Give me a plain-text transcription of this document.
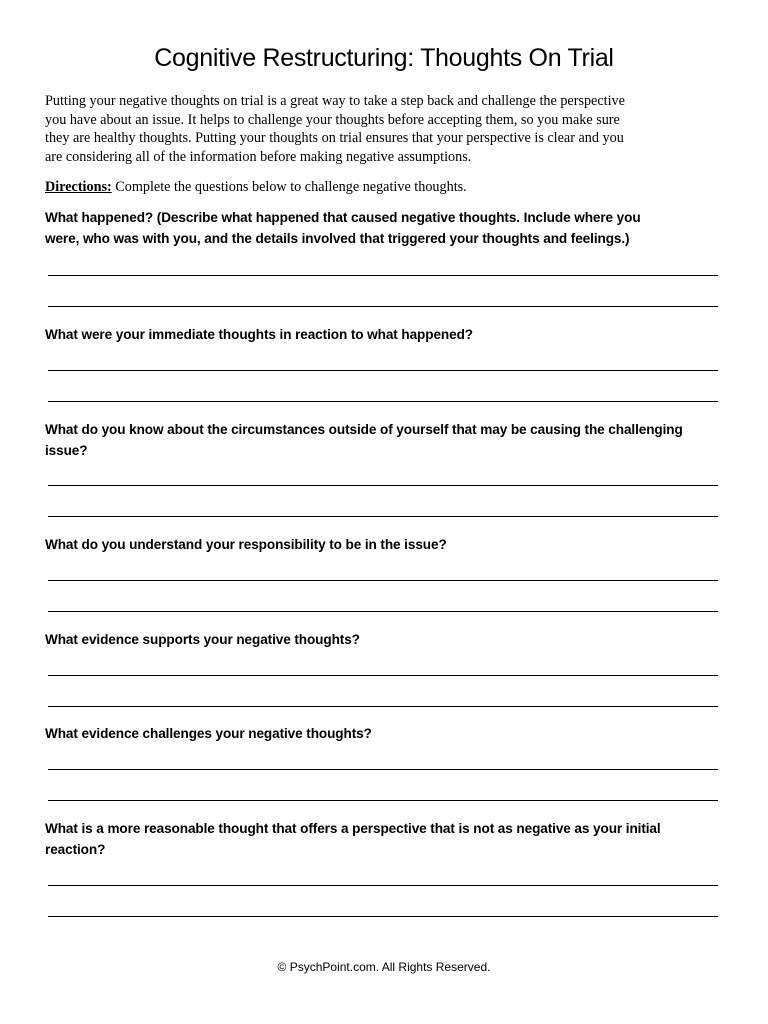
Cognitive Restructuring: Thoughts On Trial
Putting your negative thoughts on trial is a great way to take a step back and challenge the perspective
you have about an issue. It helps to challenge your thoughts before accepting them, so you make sure
they are healthy thoughts. Putting your thoughts on trial ensures that your perspective is clear and you
are considering all of the information before making negative assumptions.
Directions: Complete the questions below to challenge negative thoughts.
What happened? (Describe what happened that caused negative thoughts. Include where you
were, who was with you, and the details involved that triggered your thoughts and feelings.)
What were your immediate thoughts in reaction to what happened?
What do you know about the circumstances outside of yourself that may be causing the challenging
issue?
What do you understand your responsibility to be in the issue?
What evidence supports your negative thoughts?
What evidence challenges your negative thoughts?
What is a more reasonable thought that offers a perspective that is not as negative as your initial
reaction?
© PsychPoint.com. All Rights Reserved.
